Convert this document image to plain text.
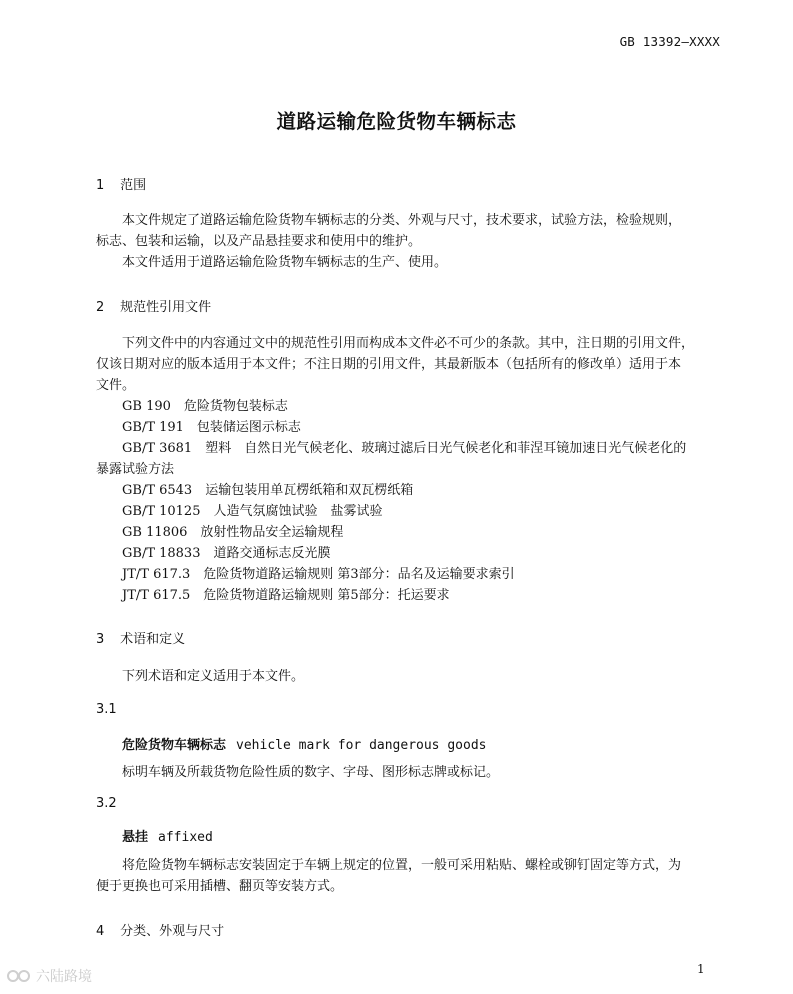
GB 13392—XXXX
道路运输危险货物车辆标志
1 范围
本文件规定了道路运输危险货物车辆标志的分类、外观与尺寸，技术要求，试验方法，检验规则，
标志、包装和运输，以及产品悬挂要求和使用中的维护。
本文件适用于道路运输危险货物车辆标志的生产、使用。
2 规范性引用文件
下列文件中的内容通过文中的规范性引用而构成本文件必不可少的条款。其中，注日期的引用文件，
仅该日期对应的版本适用于本文件；不注日期的引用文件，其最新版本（包括所有的修改单）适用于本
文件。
GB 190　危险货物包装标志
GB/T 191　包装储运图示标志
GB/T 3681　塑料　自然日光气候老化、玻璃过滤后日光气候老化和菲涅耳镜加速日光气候老化的
暴露试验方法
GB/T 6543　运输包装用单瓦楞纸箱和双瓦楞纸箱
GB/T 10125　人造气氛腐蚀试验　盐雾试验
GB 11806　放射性物品安全运输规程
GB/T 18833　道路交通标志反光膜
JT/T 617.3　危险货物道路运输规则 第3部分：品名及运输要求索引
JT/T 617.5　危险货物道路运输规则 第5部分：托运要求
3 术语和定义
下列术语和定义适用于本文件。
3.1
危险货物车辆标志 vehicle mark for dangerous goods
标明车辆及所载货物危险性质的数字、字母、图形标志牌或标记。
3.2
悬挂 affixed
将危险货物车辆标志安装固定于车辆上规定的位置，一般可采用粘贴、螺栓或铆钉固定等方式，为
便于更换也可采用插槽、翻页等安装方式。
4 分类、外观与尺寸
1
六陆路境
